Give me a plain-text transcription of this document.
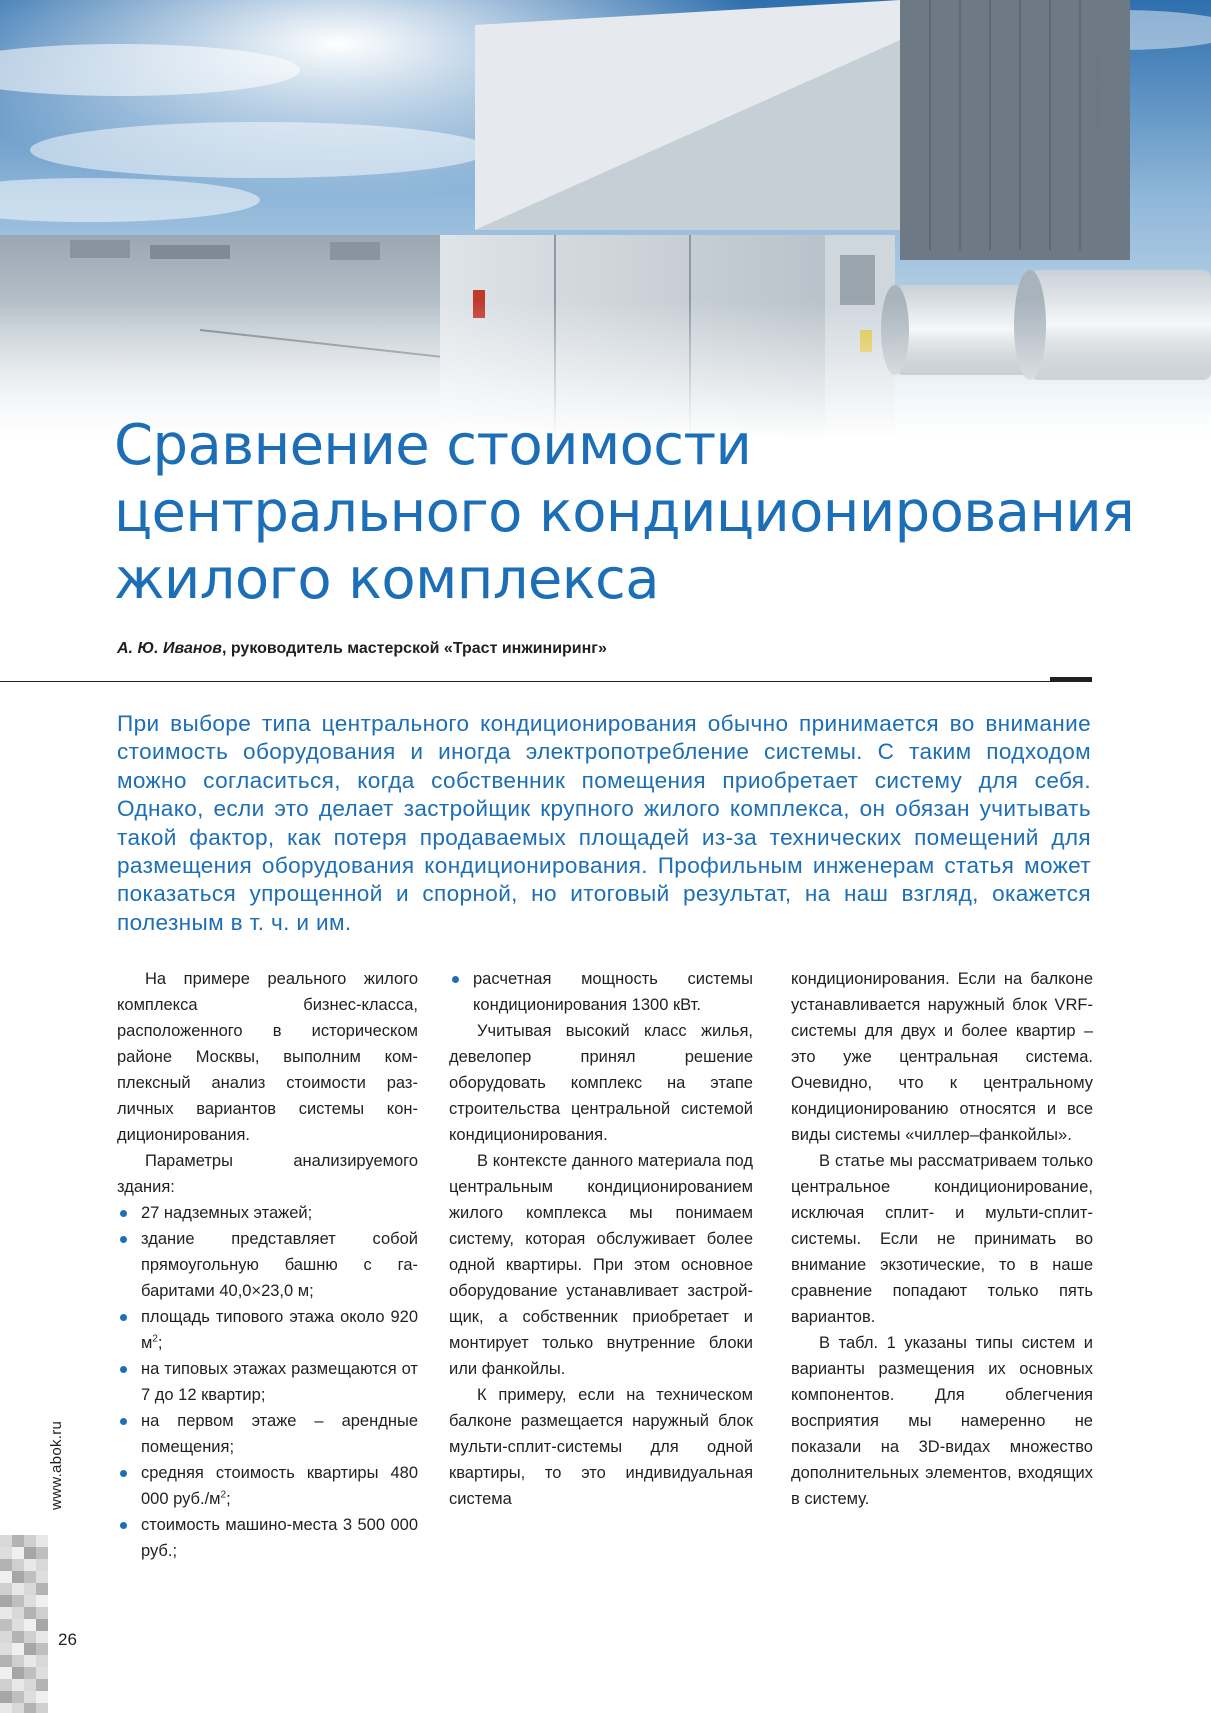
www.soupstock.in
Сравнение стоимости
центрального кондиционирования
жилого комплекса
А. Ю. Иванов, руководитель мастерской «Траст инжиниринг»
При выборе типа центрального кондиционирования обычно принимается во внимание стоимость оборудования и иногда электропотребление системы. С таким подходом можно согласиться, когда собственник помещения приобретает систему для себя. Однако, если это делает застройщик крупного жилого комплекса, он обязан учитывать такой фактор, как потеря продаваемых площадей из-за технических помещений для размещения оборудования кондиционирования. Профильным инженерам статья может показаться упрощенной и спорной, но итоговый результат, на наш взгляд, окажется полезным в т. ч. и им.

На примере реального жилого комплекса бизнес-класса, расположенного в историческом районе Москвы, выполним комплексный анализ стоимости различных вариантов системы кондиционирования.

Параметры анализируемого здания:

27 надземных этажей;
здание представляет собой прямоугольную башню с габаритами 40,0×23,0 м;
площадь типового этажа около 920 $м^2$;
на типовых этажах размещаются от 7 до 12 квартир;
на первом этаже – арендные помещения;
средняя стоимость квартиры 480 000 $руб./м^2$;
стоимость машино-места 3 500 000 руб.;
расчетная мощность системы кондиционирования 1300 кВт.

Учитывая высокий класс жилья, девелопер принял решение оборудовать комплекс на этапе строительства центральной системой кондиционирования.

В контексте данного материала под центральным кондиционированием жилого комплекса мы понимаем систему, которая обслуживает более одной квартиры. При этом основное оборудование устанавливает застройщик, а собственник приобретает и монтирует только внутренние блоки или фанкойлы.

К примеру, если на техническом балконе размещается наружный блок мульти-сплит-системы для одной квартиры, то это индивидуальная система

кондиционирования. Если на балконе устанавливается наружный блок VRF-системы для двух и более квартир – это уже центральная система. Очевидно, что к центральному кондиционированию относятся и все виды системы «чиллер–фанкойлы».

В статье мы рассматриваем только центральное кондиционирование, исключая сплит- и мульти-сплит-системы. Если не принимать во внимание экзотические, то в наше сравнение попадают только пять вариантов.

В табл. 1 указаны типы систем и варианты размещения их основных компонентов. Для облегчения восприятия мы намеренно не показали на 3D-видах множество дополнительных элементов, входящих в систему.

www.abok.ru
26
